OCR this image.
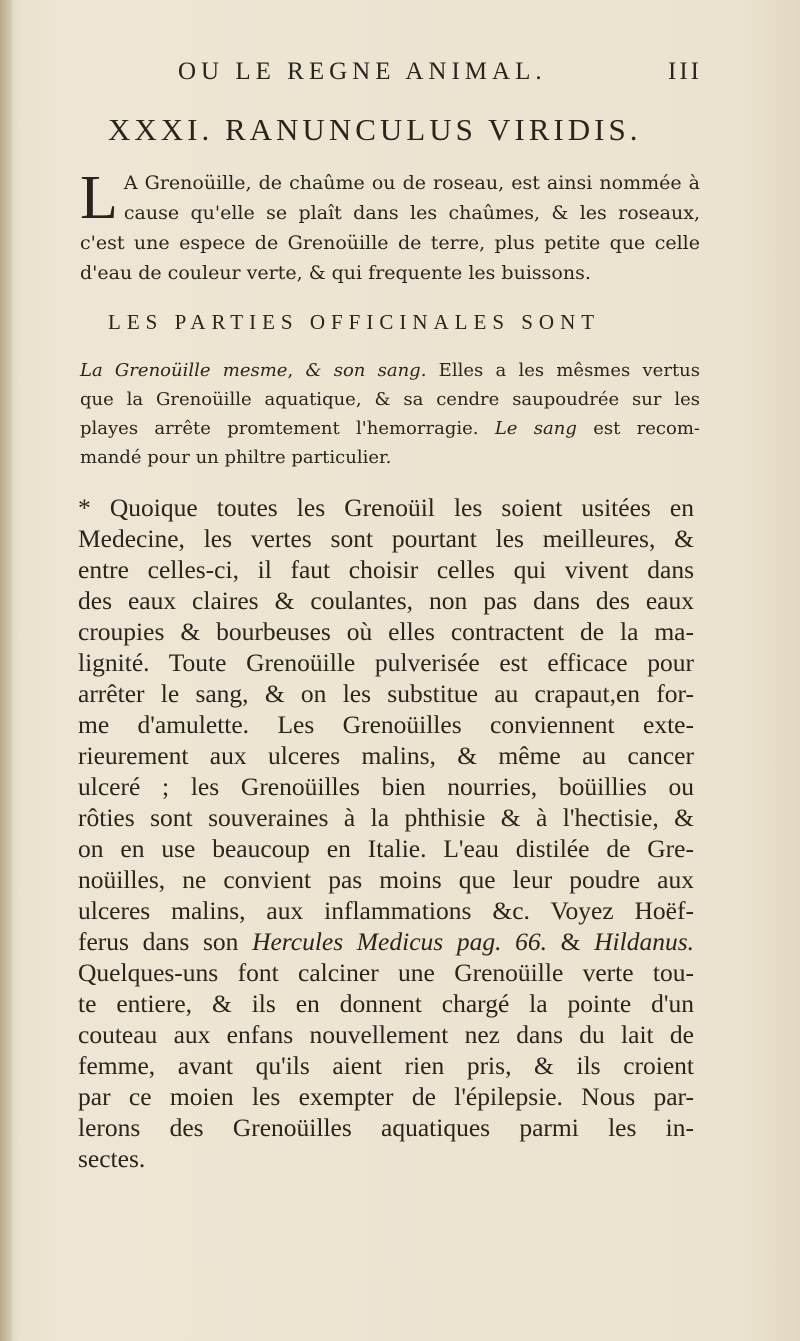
OU LE REGNE ANIMAL.	III
XXXI. RANUNCULUS VIRIDIS.
L A Grenoüille, de chaûme ou de roseau, est ainsi nommée à
cause qu'elle se plaît dans les chaûmes, & les roseaux,
c'est une espece de Grenoüille de terre, plus petite que celle
d'eau de couleur verte, & qui frequente les buissons.
LES PARTIES OFFICINALES SONT
La Grenoüille mesme, & son sang. Elles a les mêsmes vertus
que la Grenoüille aquatique, & sa cendre saupoudrée sur les
playes arrête promtement l'hemorragie. Le sang est recom-
mandé pour un philtre particulier.
* Quoique toutes les Grenoüil les soient usitées en
Medecine, les vertes sont pourtant les meilleures, &
entre celles-ci, il faut choisir celles qui vivent dans
des eaux claires & coulantes, non pas dans des eaux
croupies & bourbeuses où elles contractent de la ma-
lignité. Toute Grenoüille pulverisée est efficace pour
arrêter le sang, & on les substitue au crapaut,en for-
me d'amulette. Les Grenoüilles conviennent exte-
rieurement aux ulceres malins, & même au cancer
ulceré ; les Grenoüilles bien nourries, boüillies ou
rôties sont souveraines à la phthisie & à l'hectisie, &
on en use beaucoup en Italie. L'eau distilée de Gre-
noüilles, ne convient pas moins que leur poudre aux
ulceres malins, aux inflammations &c. Voyez Hoëf-
ferus dans son Hercules Medicus pag. 66. & Hildanus.
Quelques-uns font calciner une Grenoüille verte tou-
te entiere, & ils en donnent chargé la pointe d'un
couteau aux enfans nouvellement nez dans du lait de
femme, avant qu'ils aient rien pris, & ils croient
par ce moien les exempter de l'épilepsie. Nous par-
lerons des Grenoüilles aquatiques parmi les in-
sectes.
